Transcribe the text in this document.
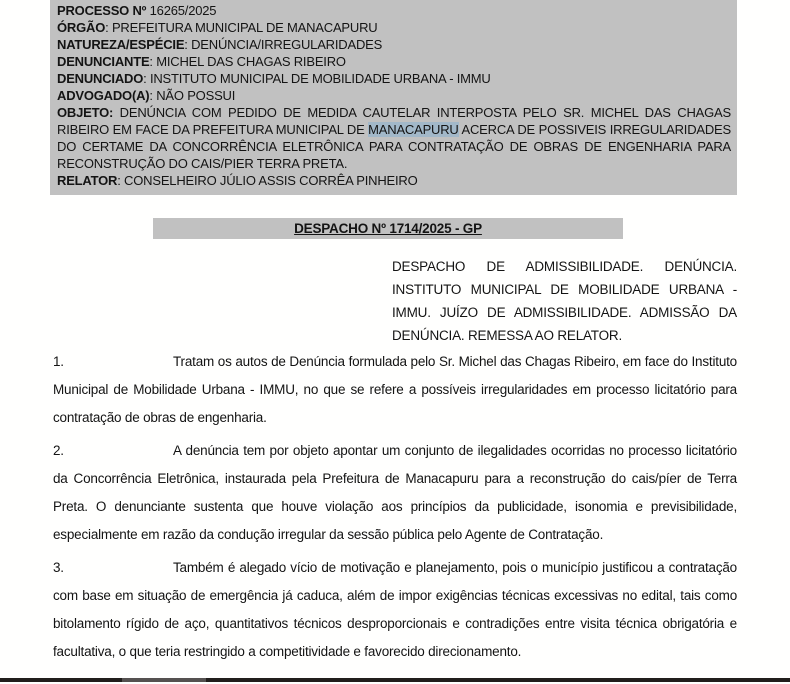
PROCESSO Nº 16265/2025
ÓRGÃO: PREFEITURA MUNICIPAL DE MANACAPURU
NATUREZA/ESPÉCIE: DENÚNCIA/IRREGULARIDADES
DENUNCIANTE: MICHEL DAS CHAGAS RIBEIRO
DENUNCIADO: INSTITUTO MUNICIPAL DE MOBILIDADE URBANA - IMMU
ADVOGADO(A): NÃO POSSUI
OBJETO: DENÚNCIA COM PEDIDO DE MEDIDA CAUTELAR INTERPOSTA PELO SR. MICHEL DAS CHAGAS RIBEIRO EM FACE DA PREFEITURA MUNICIPAL DE MANACAPURU ACERCA DE POSSIVEIS IRREGULARIDADES DO CERTAME DA CONCORRÊNCIA ELETRÔNICA PARA CONTRATAÇÃO DE OBRAS DE ENGENHARIA PARA RECONSTRUÇÃO DO CAIS/PIER TERRA PRETA.
RELATOR: CONSELHEIRO JÚLIO ASSIS CORRÊA PINHEIRO
DESPACHO Nº 1714/2025 - GP
DESPACHO DE ADMISSIBILIDADE. DENÚNCIA. INSTITUTO MUNICIPAL DE MOBILIDADE URBANA - IMMU. JUÍZO DE ADMISSIBILIDADE. ADMISSÃO DA DENÚNCIA. REMESSA AO RELATOR.

1.	Tratam os autos de Denúncia formulada pelo Sr. Michel das Chagas Ribeiro, em face do Instituto Municipal de Mobilidade Urbana - IMMU, no que se refere a possíveis irregularidades em processo licitatório para contratação de obras de engenharia.

2.	A denúncia tem por objeto apontar um conjunto de ilegalidades ocorridas no processo licitatório da Concorrência Eletrônica, instaurada pela Prefeitura de Manacapuru para a reconstrução do cais/píer de Terra Preta. O denunciante sustenta que houve violação aos princípios da publicidade, isonomia e previsibilidade, especialmente em razão da condução irregular da sessão pública pelo Agente de Contratação.

3.	Também é alegado vício de motivação e planejamento, pois o município justificou a contratação com base em situação de emergência já caduca, além de impor exigências técnicas excessivas no edital, tais como bitolamento rígido de aço, quantitativos técnicos desproporcionais e contradições entre visita técnica obrigatória e facultativa, o que teria restringido a competitividade e favorecido direcionamento.
